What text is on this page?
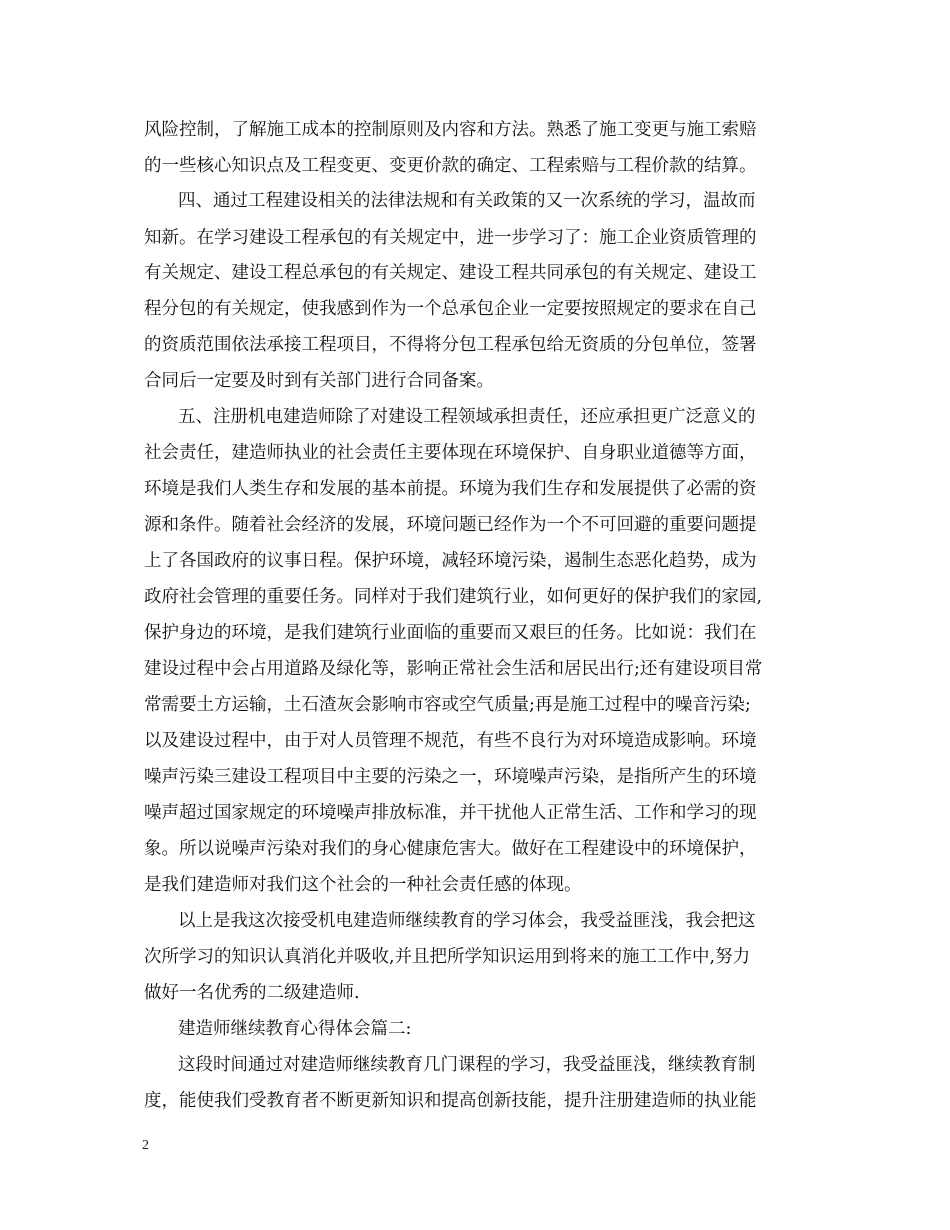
风险控制，了解施工成本的控制原则及内容和方法。熟悉了施工变更与施工索赔
的一些核心知识点及工程变更、变更价款的确定、工程索赔与工程价款的结算。
四、通过工程建设相关的法律法规和有关政策的又一次系统的学习，温故而
知新。在学习建设工程承包的有关规定中，进一步学习了：施工企业资质管理的
有关规定、建设工程总承包的有关规定、建设工程共同承包的有关规定、建设工
程分包的有关规定，使我感到作为一个总承包企业一定要按照规定的要求在自己
的资质范围依法承接工程项目，不得将分包工程承包给无资质的分包单位，签署
合同后一定要及时到有关部门进行合同备案。
五、注册机电建造师除了对建设工程领域承担责任，还应承担更广泛意义的
社会责任，建造师执业的社会责任主要体现在环境保护、自身职业道德等方面，
环境是我们人类生存和发展的基本前提。环境为我们生存和发展提供了必需的资
源和条件。随着社会经济的发展，环境问题已经作为一个不可回避的重要问题提
上了各国政府的议事日程。保护环境，减轻环境污染，遏制生态恶化趋势，成为
政府社会管理的重要任务。同样对于我们建筑行业，如何更好的保护我们的家园,
保护身边的环境，是我们建筑行业面临的重要而又艰巨的任务。比如说：我们在
建设过程中会占用道路及绿化等，影响正常社会生活和居民出行;还有建设项目常
常需要土方运输，土石渣灰会影响市容或空气质量;再是施工过程中的噪音污染;
以及建设过程中，由于对人员管理不规范，有些不良行为对环境造成影响。环境
噪声污染三建设工程项目中主要的污染之一，环境噪声污染，是指所产生的环境
噪声超过国家规定的环境噪声排放标准，并干扰他人正常生活、工作和学习的现
象。所以说噪声污染对我们的身心健康危害大。做好在工程建设中的环境保护，
是我们建造师对我们这个社会的一种社会责任感的体现。
以上是我这次接受机电建造师继续教育的学习体会，我受益匪浅，我会把这
次所学习的知识认真消化并吸收,并且把所学知识运用到将来的施工工作中,努力
做好一名优秀的二级建造师.
建造师继续教育心得体会篇二:
这段时间通过对建造师继续教育几门课程的学习，我受益匪浅，继续教育制
度，能使我们受教育者不断更新知识和提高创新技能，提升注册建造师的执业能
2
